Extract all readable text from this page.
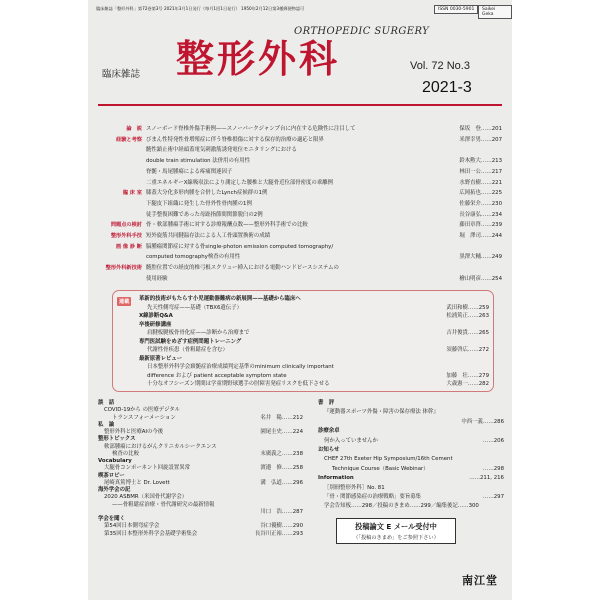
臨床雑誌「整形外科」第72巻第3号 2021年3月1日発行（毎月1回1日発行） 1950年2月12日第3種郵便物認可	ISSN 0030-5901	Saikei Geka
ORTHOPEDIC SURGERY
臨床雑誌 整形外科	Vol. 72 No.3
2021-3
論　説 スノーボード脊椎外傷手術例——スノーパークジャンプ台に内在する危険性に注目して	保坂　登……201
経験と考察 びまん性特発性骨増殖症に伴う脊椎損傷に対する保存的治療の適応と限界	米澤幸男……207
髄性鎮止術中経頭蓋電気刺激筋誘発電位モニタリングにおける
double train stimulation 法併用の有用性	鈴木勲大……213
脊髄・馬尾腫瘍による疼痛関連因子	林田一公……217
二重エネルギーX線吸収法により測定した腰椎と大腿骨近位部骨密度の乖離例	水野直樹……221
臨 床 室 膝蓋大分化多形肉腫を合併したLynch症候群の1例	広岡拓也……225
下腿皮下組織に発生した骨外性骨肉腫の1例	佐藤栄介……230
徒手整復困難であった母趾指節間関節脱臼の2例	長谷康弘……234
問題点の検討 骨・軟部腫瘍手術に対する診療報酬点数——整形外科手術での比較	藤田章啓……239
整形外科手技 短外旋筋共同腱温存法による人工骨頭置換術の成績	堀　澤司……244
画 像 診 断 脳腫瘍関節症に対する骨single-photon emission computed tomography/
computed tomography検査の有用性	黒澤大輔……249
整形外科新技術 髄腔位置での経皮的椎弓根スクリュー挿入における電動ハンドピースシステムの
使用経験	檜山明彦……254
連載	革新的技術がもたらす小児運動器難病の新展開——基礎から臨床へ
先天性側弯症——基礎（TBX6遺伝子）	武田和樹……259
X線診断Q&A	松浦篤正……263
卒後研修講座
肩腱板腱板骨骨化症——診断から治療まで	吉井俊貴……265
専門医試験をめざす症例問題トレーニング
代謝性骨疾患（骨粗鬆症を含む）	須藤啓広……272
最新原著レビュー
日本整形外科学会頚髄症治療成績判定基準のminimum clinically important
difference および patient acceptable symptom state	加藤　壮……279
十分なオフシーズン期間は学童期野球選手の肘障害発症リスクを低下させる	大歳憲一……282
談　話
COVID-19から の医療デジタル
トランスフォーメーション	名井　陽……212
私　論
整形外科と医療AIの今後	園尾圭史……224
整形トピックス
軟部腫瘍におけるがんクリニカルシークエンス
検査の比較	末廣義之……238
Vocabulary
大腿骨コンポーネント回旋設置異常	渡邉　修……258
喫茶ロビー
尾崎真篤博士と Dr. Lovett	溝　弘道……296
海外学会の記
2020 ASBMR（米国骨代謝学会）
——骨粗鬆症治療・骨代謝研究の最新情報
川口　浩……287
学会を聞く
第54回日本側弯症学会	谷口優樹……290
第35回日本整形外科学会基礎学術集会	長谷川正裕……293
書　評
『運動器スポーツ外傷・障害の保存療法 体幹』
中西一義……286
診療余卓
何か入っていませんか	……206
お知らせ
CHEF 27th Exeter Hip Symposium/16th Cement
Technique Course（Basic Webinar）	……298
Information	……211, 216
［別冊整形外科］No. 81
「骨・関節感染症の治療戦略」要旨募集	……297
学会告知板……298／投稿のきまめ……299／編集後記……300
投稿論文 E メール受付中
（「投稿のきまめ」をご参照下さい）
南江堂
